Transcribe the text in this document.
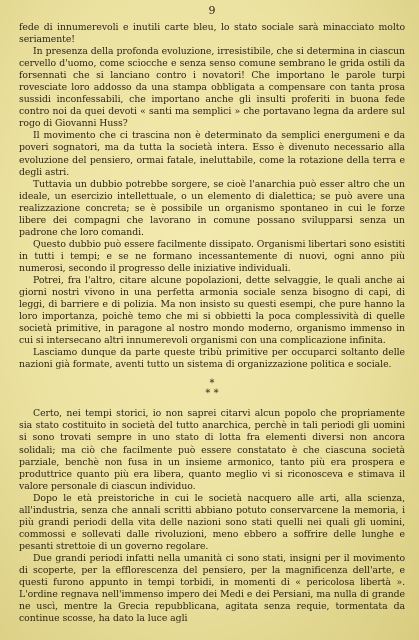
9

fede di innumerevoli e inutili carte bleu, lo stato sociale sarà minacciato molto seriamente!

In presenza della profonda evoluzione, irresistibile, che si determina in ciascun cervello d'uomo, come sciocche e senza senso comune sembrano le grida ostili da forsennati che si lanciano contro i novatori! Che importano le parole turpi rovesciate loro addosso da una stampa obbligata a compensare con tanta prosa sussidi inconfessabili, che importano anche gli insulti proferiti in buona fede contro noi da quei devoti « santi ma semplici » che portavano legna da ardere sul rogo di Giovanni Huss?

Il movimento che ci trascina non è determinato da semplici energumeni e da poveri sognatori, ma da tutta la società intera. Esso è divenuto necessario alla evoluzione del pensiero, ormai fatale, ineluttabile, come la rotazione della terra e degli astri.

Tuttavia un dubbio potrebbe sorgere, se cioè l'anarchia può esser altro che un ideale, un esercizio intellettuale, o un elemento di dialettica; se può avere una realizzazione concreta; se è possibile un organismo spontaneo in cui le forze libere dei compagni che lavorano in comune possano svilupparsi senza un padrone che loro comandi.

Questo dubbio può essere facilmente dissipato. Organismi libertari sono esistiti in tutti i tempi; e se ne formano incessantemente di nuovi, ogni anno più numerosi, secondo il progresso delle iniziative individuali.

Potrei, fra l'altro, citare alcune popolazioni, dette selvaggie, le quali anche ai giorni nostri vivono in una perfetta armonia sociale senza bisogno di capi, di leggi, di barriere e di polizia. Ma non insisto su questi esempi, che pure hanno la loro importanza, poichè temo che mi si obbietti la poca complessività di quelle società primitive, in paragone al nostro mondo moderno, organismo immenso in cui si intersecano altri innumerevoli organismi con una complicazione infinita.

Lasciamo dunque da parte queste tribù primitive per occuparci soltanto delle nazioni già formate, aventi tutto un sistema di organizzazione politica e sociale.

*
* *

Certo, nei tempi storici, io non saprei citarvi alcun popolo che propriamente sia stato costituito in società del tutto anarchica, perchè in tali periodi gli uomini si sono trovati sempre in uno stato di lotta fra elementi diversi non ancora solidali; ma ciò che facilmente può essere constatato è che ciascuna società parziale, benchè non fusa in un insieme armonico, tanto più era prospera e produttrice quanto più era libera, quanto meglio vi si riconosceva e stimava il valore personale di ciascun individuo.

Dopo le età preistoriche in cui le società nacquero alle arti, alla scienza, all'industria, senza che annali scritti abbiano potuto conservarcene la memoria, i più grandi periodi della vita delle nazioni sono stati quelli nei quali gli uomini, commossi e sollevati dalle rivoluzioni, meno ebbero a soffrire delle lunghe e pesanti strettoie di un governo regolare.

Due grandi periodi infatti nella umanità ci sono stati, insigni per il movimento di scoperte, per la efflorescenza del pensiero, per la magnificenza dell'arte, e questi furono appunto in tempi torbidi, in momenti di « pericolosa libertà ». L'ordine regnava nell'immenso impero dei Medi e dei Persiani, ma nulla di grande ne uscì, mentre la Grecia repubblicana, agitata senza requie, tormentata da continue scosse, ha dato la luce agli
